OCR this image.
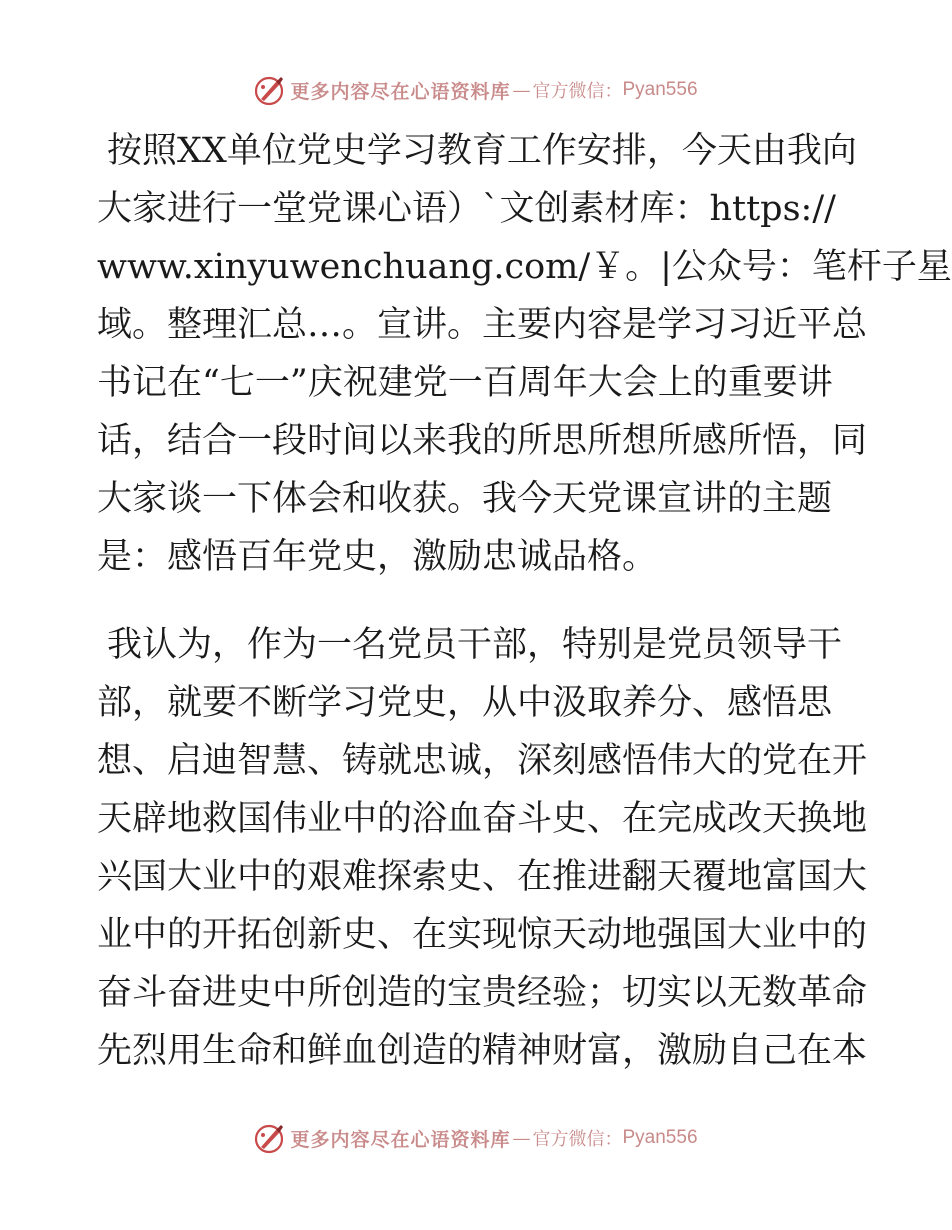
更多内容尽在心语资料库 — 官方微信： Pyan556
按照XX单位党史学习教育工作安排，今天由我向
大家进行一堂党课心语）`文创素材库：https://
www.xinyuwenchuang.com/￥。|公众号：笔杆子星
域。整理汇总…。宣讲。主要内容是学习习近平总
书记在“七一”庆祝建党一百周年大会上的重要讲
话，结合一段时间以来我的所思所想所感所悟，同
大家谈一下体会和收获。我今天党课宣讲的主题
是：感悟百年党史，激励忠诚品格。
我认为，作为一名党员干部，特别是党员领导干
部，就要不断学习党史，从中汲取养分、感悟思
想、启迪智慧、铸就忠诚，深刻感悟伟大的党在开
天辟地救国伟业中的浴血奋斗史、在完成改天换地
兴国大业中的艰难探索史、在推进翻天覆地富国大
业中的开拓创新史、在实现惊天动地强国大业中的
奋斗奋进史中所创造的宝贵经验；切实以无数革命
先烈用生命和鲜血创造的精神财富，激励自己在本
更多内容尽在心语资料库 — 官方微信： Pyan556
